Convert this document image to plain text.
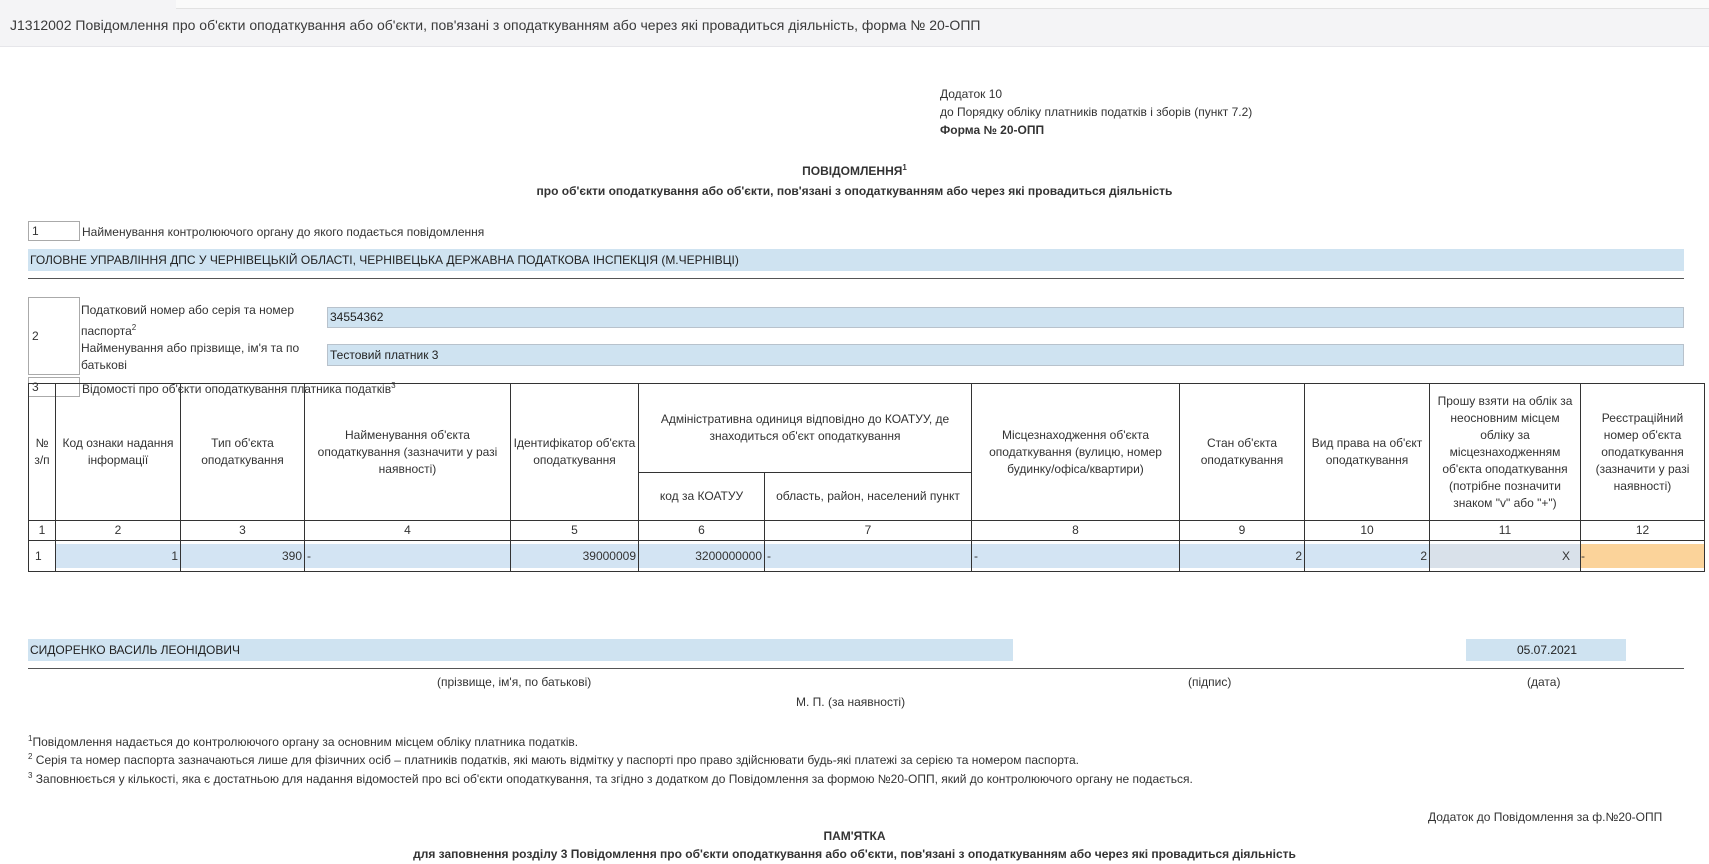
J1312002 Повідомлення про об'єкти оподаткування або об'єкти, пов'язані з оподаткуванням або через які провадиться діяльність, форма № 20-ОПП
Додаток 10
до Порядку обліку платників податків і зборів (пункт 7.2)
Форма № 20-ОПП
ПОВІДОМЛЕННЯ$^1$
про об'єкти оподаткування або об'єкти, пов'язані з оподаткуванням або через які провадиться діяльність
1	Найменування контролюючого органу до якого подається повідомлення
ГОЛОВНЕ УПРАВЛІННЯ ДПС У ЧЕРНІВЕЦЬКІЙ ОБЛАСТІ, ЧЕРНІВЕЦЬКА ДЕРЖАВНА ПОДАТКОВА ІНСПЕКЦІЯ (М.ЧЕРНІВЦІ)
2
Податковий номер або серія та номер паспорта$^2$
34554362
Найменування або прізвище, ім'я та по батькові
Тестовий платник 3
3	Відомості про об'єкти оподаткування платника податків$^3$
№ з/п	Код ознаки надання інформації	Тип об'єкта оподаткування	Найменування об'єкта оподаткування (зазначити у разі наявності)	Ідентифікатор об'єкта оподаткування	Адміністративна одиниця відповідно до КОАТУУ, де знаходиться об'єкт оподаткування		Місцезнаходження об'єкта оподаткування (вулицю, номер будинку/офіса/квартири)	Стан об'єкта оподаткування	Вид права на об'єкт оподаткування	Прошу взяти на облік за неосновним місцем обліку за місцезнаходженням об'єкта оподаткування (потрібне позначити знаком "v" або "+")	Реєстраційний номер об'єкта оподаткування (зазначити у разі наявності)
					код за КОАТУУ	область, район, населений пункт					
1	2	3	4	5	6	7	8	9	10	11	12

1	1	390	-	39000009	3200000000	-	-	2	2	X	-
СИДОРЕНКО ВАСИЛЬ ЛЕОНІДОВИЧ	05.07.2021
(прізвище, ім'я, по батькові)	(підпис)	(дата)
М. П. (за наявності)
$^1$Повідомлення надається до контролюючого органу за основним місцем обліку платника податків.
$^2$ Серія та номер паспорта зазначаються лише для фізичних осіб – платників податків, які мають відмітку у паспорті про право здійснювати будь-які платежі за серією та номером паспорта.
$^3$ Заповнюється у кількості, яка є достатньою для надання відомостей про всі об'єкти оподаткування, та згідно з додатком до Повідомлення за формою №20-ОПП, який до контролюючого органу не подається.
Додаток до Повідомлення за ф.№20-ОПП
ПАМ'ЯТКА
для заповнення розділу 3 Повідомлення про об'єкти оподаткування або об'єкти, пов'язані з оподаткуванням або через які провадиться діяльність
